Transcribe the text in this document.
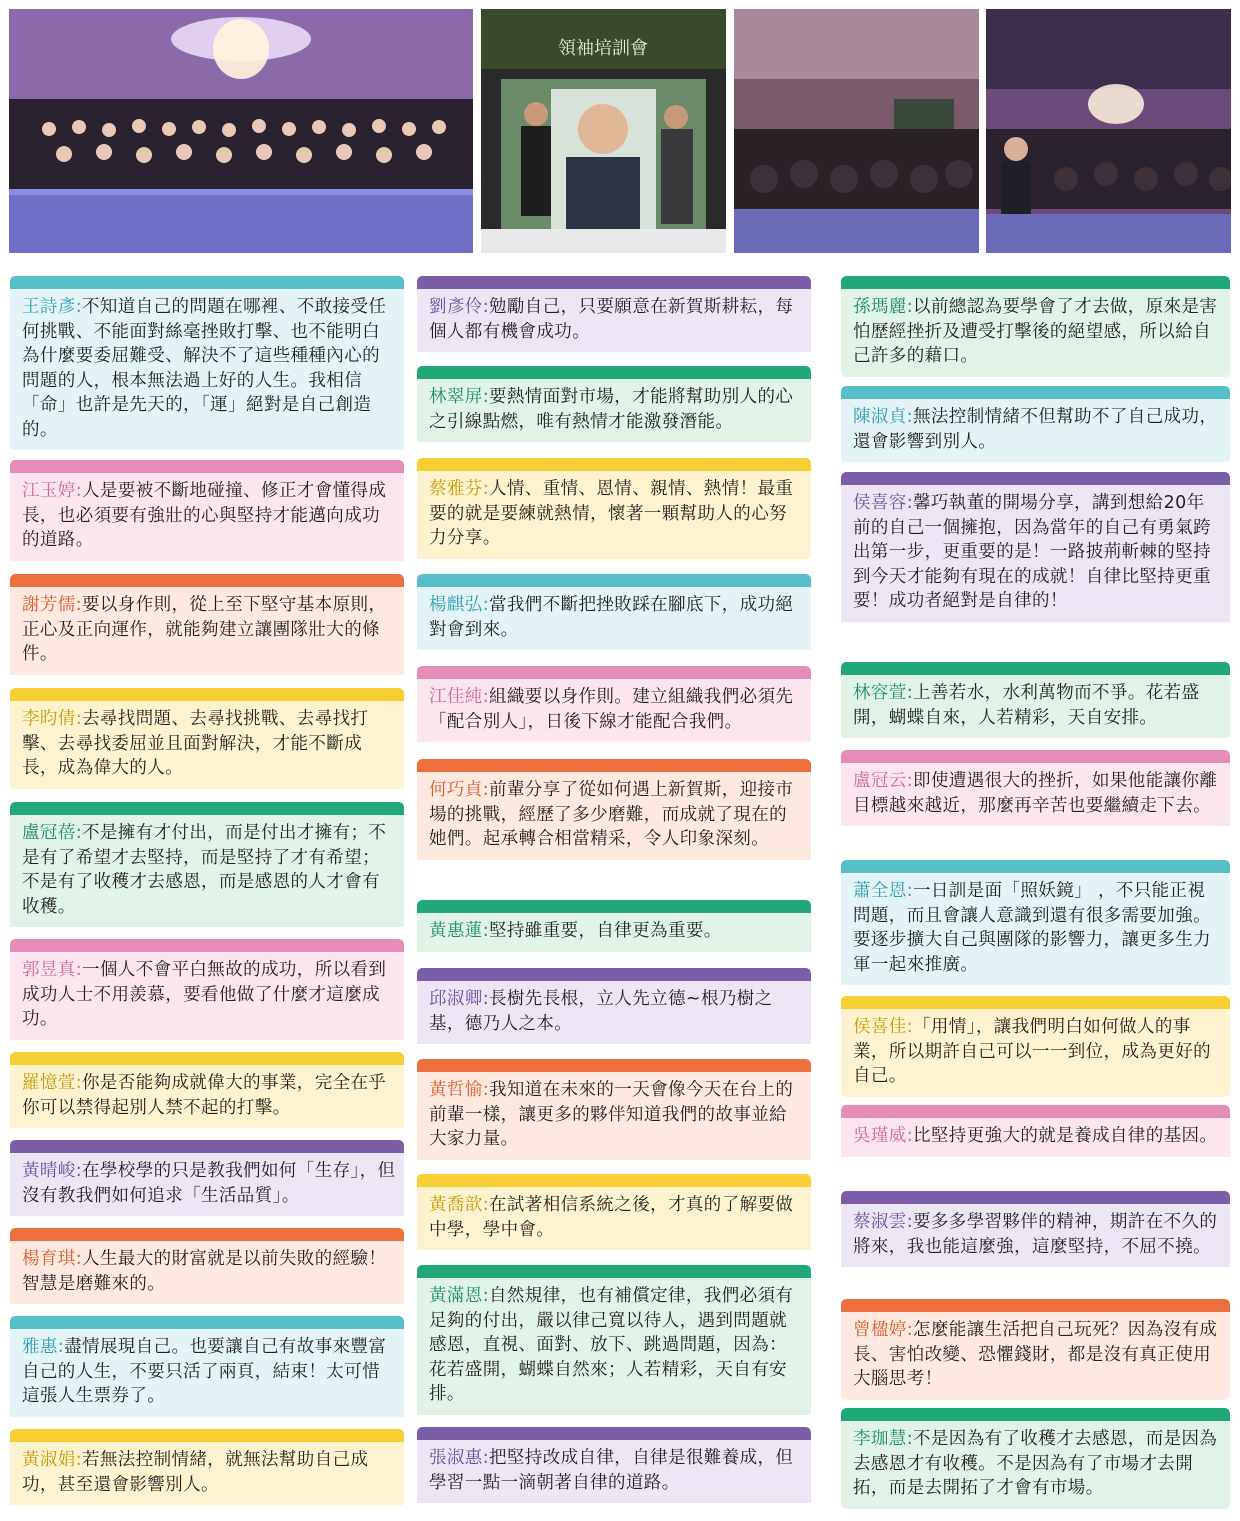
領袖培訓會
王詩彥:不知道自己的問題在哪裡、不敢接受任何挑戰、不能面對絲毫挫敗打擊、也不能明白為什麼要委屈難受、解決不了這些種種內心的問題的人，根本無法過上好的人生。我相信「命」也許是先天的，「運」絕對是自己創造的。
江玉婷:人是要被不斷地碰撞、修正才會懂得成長，也必須要有強壯的心與堅持才能邁向成功的道路。
謝芳儒:要以身作則，從上至下堅守基本原則，正心及正向運作，就能夠建立讓團隊壯大的條件。
李昀倩:去尋找問題、去尋找挑戰、去尋找打擊、去尋找委屈並且面對解決，才能不斷成長，成為偉大的人。
盧冠蓓:不是擁有才付出，而是付出才擁有；不是有了希望才去堅持，而是堅持了才有希望；不是有了收穫才去感恩，而是感恩的人才會有收穫。
郭昱真:一個人不會平白無故的成功，所以看到成功人士不用羨慕，要看他做了什麼才這麼成功。
羅憶萱:你是否能夠成就偉大的事業，完全在乎你可以禁得起別人禁不起的打擊。
黃晴峻:在學校學的只是教我們如何「生存」，但沒有教我們如何追求「生活品質」。
楊育琪:人生最大的財富就是以前失敗的經驗！智慧是磨難來的。
雅惠:盡情展現自己。也要讓自己有故事來豐富自己的人生，不要只活了兩頁，結束！太可惜這張人生票券了。
黃淑娟:若無法控制情緒，就無法幫助自己成功，甚至還會影響別人。
劉彥伶:勉勵自己，只要願意在新賀斯耕耘，每個人都有機會成功。
林翠屏:要熱情面對市場，才能將幫助別人的心之引線點燃，唯有熱情才能激發潛能。
蔡雅芬:人情、重情、恩情、親情、熱情！最重要的就是要練就熱情，懷著一顆幫助人的心努力分享。
楊麒弘:當我們不斷把挫敗踩在腳底下，成功絕對會到來。
江佳純:組織要以身作則。建立組織我們必須先「配合別人」，日後下線才能配合我們。
何巧貞:前輩分享了從如何遇上新賀斯，迎接市場的挑戰，經歷了多少磨難，而成就了現在的她們。起承轉合相當精采，令人印象深刻。
黃惠蓮:堅持雖重要，自律更為重要。
邱淑卿:長樹先長根，立人先立德~根乃樹之基，德乃人之本。
黃哲愉:我知道在未來的一天會像今天在台上的前輩一樣，讓更多的夥伴知道我們的故事並給大家力量。
黃喬歆:在試著相信系統之後，才真的了解要做中學，學中會。
黃滿恩:自然規律，也有補償定律，我們必須有足夠的付出，嚴以律己寬以待人，遇到問題就感恩，直視、面對、放下、跳過問題，因為：花若盛開，蝴蝶自然來；人若精彩，天自有安排。
張淑惠:把堅持改成自律，自律是很難養成，但學習一點一滴朝著自律的道路。
孫瑪麗:以前總認為要學會了才去做，原來是害怕歷經挫折及遭受打擊後的絕望感，所以給自己許多的藉口。
陳淑貞:無法控制情緒不但幫助不了自己成功，還會影響到別人。
侯喜容:馨巧執董的開場分享，講到想給20年前的自己一個擁抱，因為當年的自己有勇氣跨出第一步，更重要的是！一路披荊斬棘的堅持到今天才能夠有現在的成就！自律比堅持更重要！成功者絕對是自律的！
林容萱:上善若水，水利萬物而不爭。花若盛開，蝴蝶自來，人若精彩，天自安排。
盧冠云:即使遭遇很大的挫折，如果他能讓你離目標越來越近，那麼再辛苦也要繼續走下去。
蕭全恩:一日訓是面「照妖鏡」 ，不只能正視問題，而且會讓人意識到還有很多需要加強。要逐步擴大自己與團隊的影響力，讓更多生力軍一起來推廣。
侯喜佳:「用情」，讓我們明白如何做人的事業，所以期許自己可以一一到位，成為更好的自己。
吳瑾威:比堅持更強大的就是養成自律的基因。
蔡淑雲:要多多學習夥伴的精神，期許在不久的將來，我也能這麼強，這麼堅持，不屈不撓。
曾楹婷:怎麼能讓生活把自己玩死？因為沒有成長、害怕改變、恐懼錢財，都是沒有真正使用大腦思考！
李珈慧:不是因為有了收穫才去感恩，而是因為去感恩才有收穫。不是因為有了市場才去開拓，而是去開拓了才會有市場。
